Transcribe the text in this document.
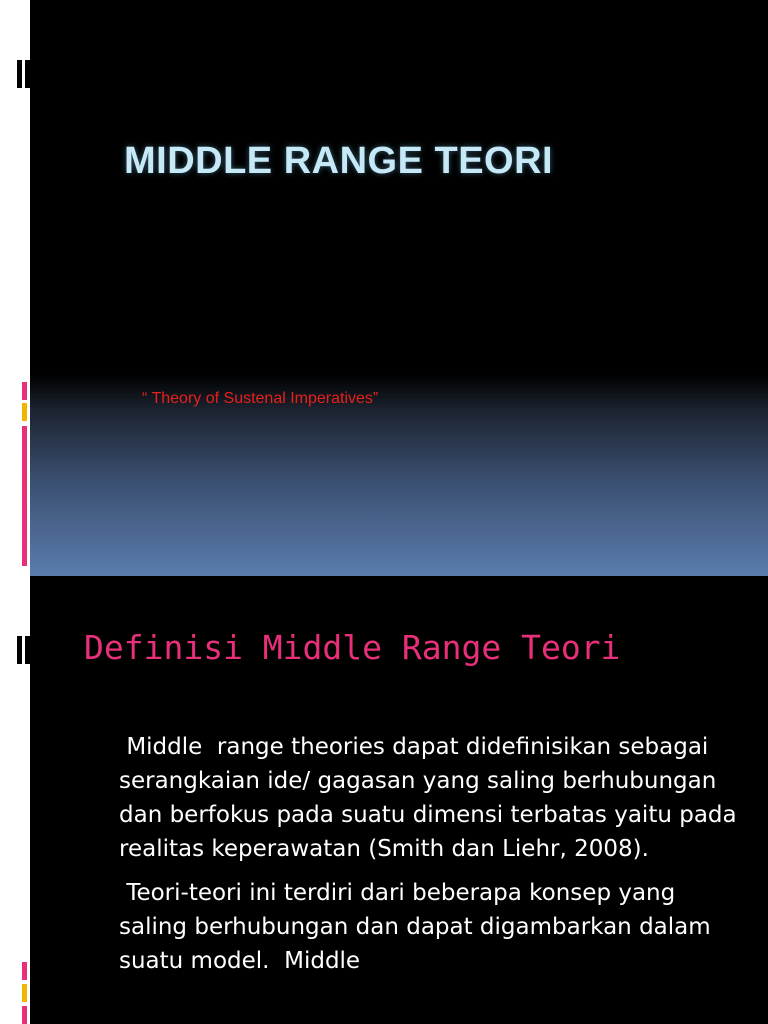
MIDDLE RANGE TEORI
“ Theory of Sustenal Imperatives”
Definisi Middle Range Teori

Middle  range theories dapat didefinisikan sebagai serangkaian ide/ gagasan yang saling berhubungan dan berfokus pada suatu dimensi terbatas yaitu pada realitas keperawatan (Smith dan Liehr, 2008).

Teori-teori ini terdiri dari beberapa konsep yang saling berhubungan dan dapat digambarkan dalam suatu model.  Middle
